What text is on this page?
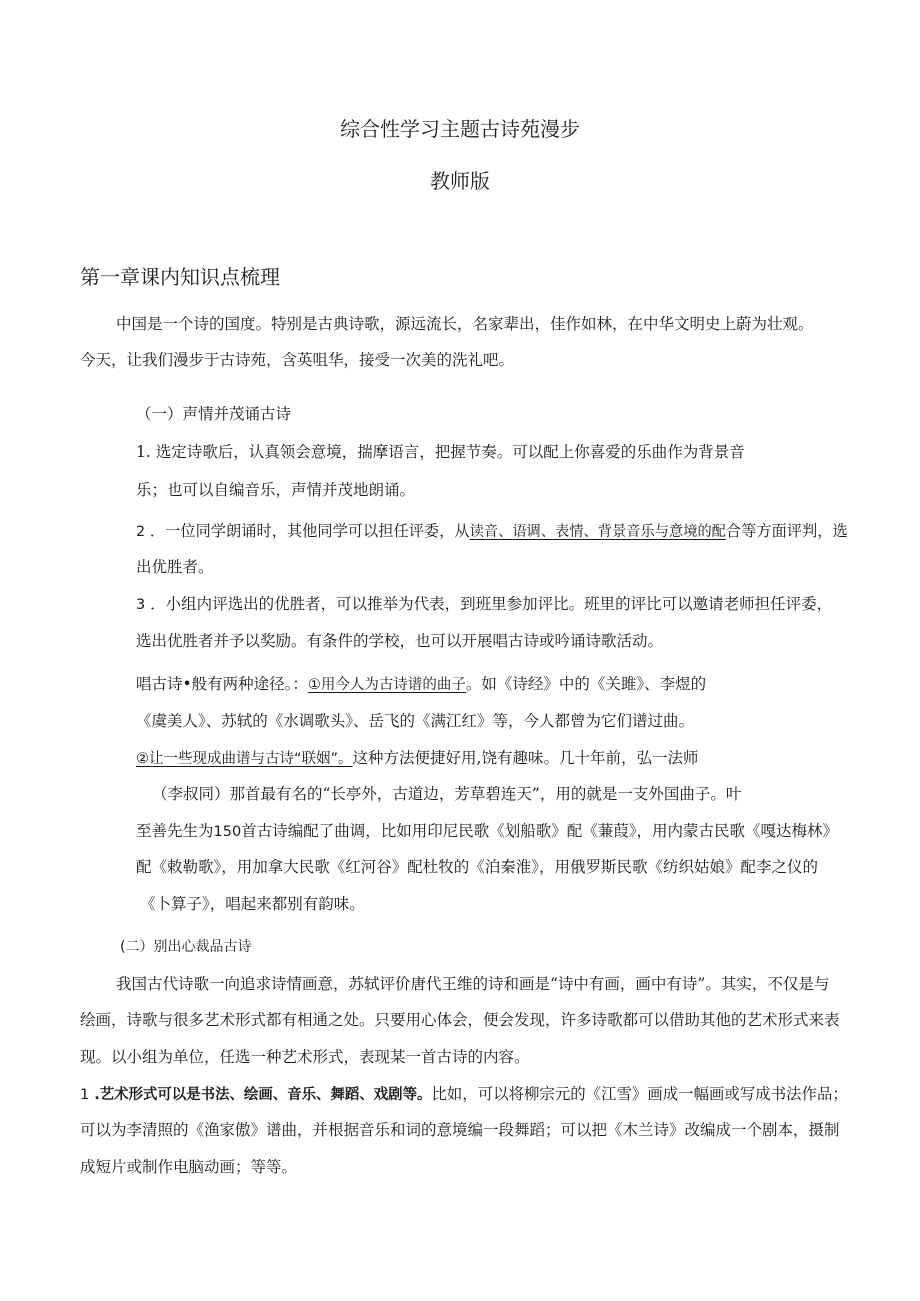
综合性学习主题古诗苑漫步
教师版
第一章课内知识点梳理
中国是一个诗的国度。特别是古典诗歌，源远流长，名家辈出，佳作如林，在中华文明史上蔚为壮观。
今天，让我们漫步于古诗苑，含英咀华，接受一次美的洗礼吧。
（一）声情并茂诵古诗
1. 选定诗歌后，认真领会意境，揣摩语言，把握节奏。可以配上你喜爱的乐曲作为背景音
乐；也可以自编音乐，声情并茂地朗诵。
2 ．一位同学朗诵时，其他同学可以担任评委，从读音、语调、表情、背景音乐与意境的配合等方面评判，选
出优胜者。
3 ．小组内评选出的优胜者，可以推举为代表，到班里参加评比。班里的评比可以邀请老师担任评委，
选出优胜者并予以奖励。有条件的学校，也可以开展唱古诗或吟诵诗歌活动。
唱古诗•般有两种途径。：①用今人为古诗谱的曲子。如《诗经》中的《关雎》、李煜的
《虞美人》、苏轼的《水调歌头》、岳飞的《满江红》等，今人都曾为它们谱过曲。
②让一些现成曲谱与古诗“联姻”。这种方法便捷好用,饶有趣味。几十年前，弘一法师
（李叔同）那首最有名的“长亭外，古道边，芳草碧连天”，用的就是一支外国曲子。叶
至善先生为150首古诗编配了曲调，比如用印尼民歌《划船歌》配《蒹葭》，用内蒙古民歌《嘎达梅林》
配《敕勒歌》，用加拿大民歌《红河谷》配杜牧的《泊秦淮》，用俄罗斯民歌《纺织姑娘》配李之仪的
《卜算子》，唱起来都别有韵味。
(二）别出心裁品古诗
我国古代诗歌一向追求诗情画意，苏轼评价唐代王维的诗和画是“诗中有画，画中有诗”。其实，不仅是与
绘画，诗歌与很多艺术形式都有相通之处。只要用心体会，便会发现，许多诗歌都可以借助其他的艺术形式来表
现。以小组为单位，任选一种艺术形式，表现某一首古诗的内容。
1 .艺术形式可以是书法、绘画、音乐、舞蹈、戏剧等。比如，可以将柳宗元的《江雪》画成一幅画或写成书法作品；
可以为李清照的《渔家傲》谱曲，并根据音乐和词的意境编一段舞蹈；可以把《木兰诗》改编成一个剧本，摄制
成短片或制作电脑动画；等等。
